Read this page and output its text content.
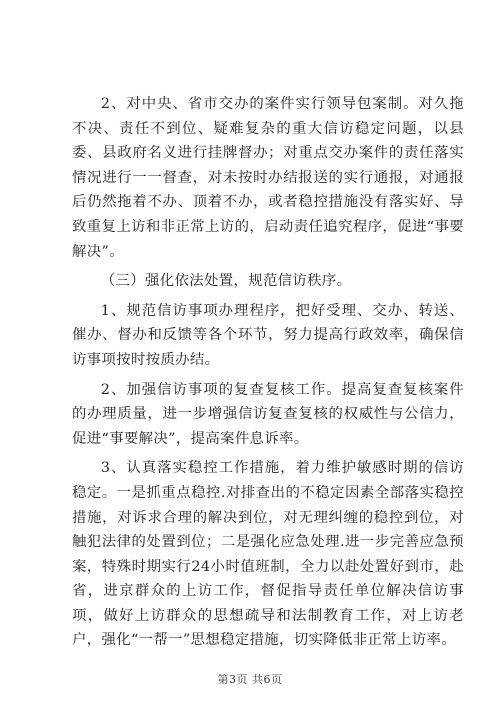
2、对中央、省市交办的案件实行领导包案制。对久拖不决、责任不到位、疑难复杂的重大信访稳定问题，以县委、县政府名义进行挂牌督办；对重点交办案件的责任落实情况进行一一督查，对未按时办结报送的实行通报，对通报后仍然拖着不办、顶着不办，或者稳控措施没有落实好、导致重复上访和非正常上访的，启动责任追究程序，促进“事要解决”。

（三）强化依法处置，规范信访秩序。

1、规范信访事项办理程序，把好受理、交办、转送、催办、督办和反馈等各个环节，努力提高行政效率，确保信访事项按时按质办结。

2、加强信访事项的复查复核工作。提高复查复核案件的办理质量，进一步增强信访复查复核的权威性与公信力，促进“事要解决”，提高案件息诉率。

3、认真落实稳控工作措施，着力维护敏感时期的信访稳定。一是抓重点稳控.对排查出的不稳定因素全部落实稳控措施，对诉求合理的解决到位，对无理纠缠的稳控到位，对触犯法律的处置到位；二是强化应急处理.进一步完善应急预案，特殊时期实行24小时值班制，全力以赴处置好到市，赴省，进京群众的上访工作，督促指导责任单位解决信访事项，做好上访群众的思想疏导和法制教育工作，对上访老户，强化“一帮一”思想稳定措施，切实降低非正常上访率。

第3页 共6页
